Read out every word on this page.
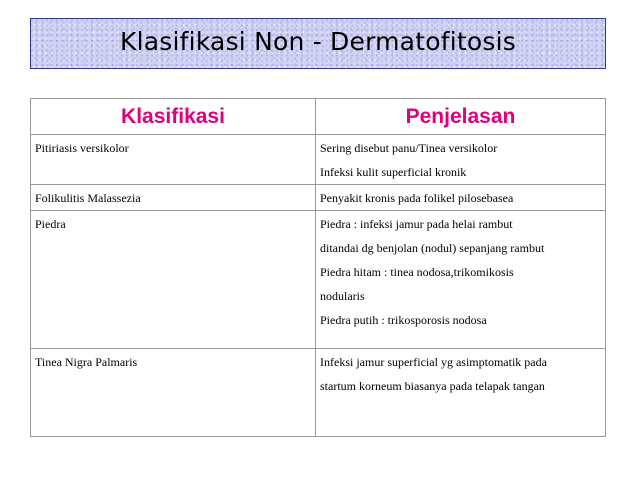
Klasifikasi Non - Dermatofitosis
Klasifikasi	Penjelasan
Pitiriasis versikolor	Sering disebut panu/Tinea versikolor
Infeksi kulit superficial kronik

Folikulitis Malassezia	Penyakit kronis pada folikel pilosebasea

Piedra	Piedra : infeksi jamur pada helai rambut
ditandai dg benjolan (nodul) sepanjang rambut
Piedra hitam : tinea nodosa,trikomikosis
nodularis
Piedra putih : trikosporosis nodosa

Tinea Nigra Palmaris	Infeksi jamur superficial yg asimptomatik pada
startum korneum biasanya pada telapak tangan
